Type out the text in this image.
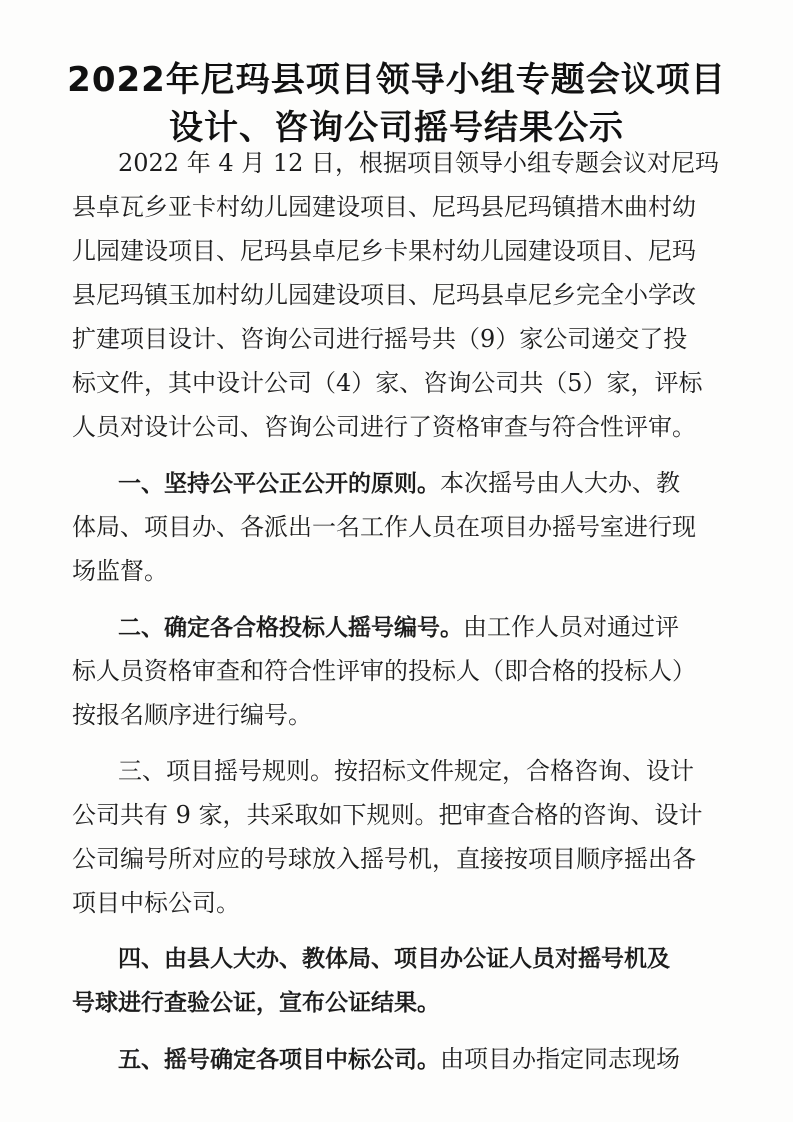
2022年尼玛县项目领导小组专题会议项目
设计、咨询公司摇号结果公示
2022 年 4 月 12 日，根据项目领导小组专题会议对尼玛
县卓瓦乡亚卡村幼儿园建设项目、尼玛县尼玛镇措木曲村幼
儿园建设项目、尼玛县卓尼乡卡果村幼儿园建设项目、尼玛
县尼玛镇玉加村幼儿园建设项目、尼玛县卓尼乡完全小学改
扩建项目设计、咨询公司进行摇号共（9）家公司递交了投
标文件，其中设计公司（4）家、咨询公司共（5）家，评标
人员对设计公司、咨询公司进行了资格审查与符合性评审。
一、坚持公平公正公开的原则。本次摇号由人大办、教
体局、项目办、各派出一名工作人员在项目办摇号室进行现
场监督。
二、确定各合格投标人摇号编号。由工作人员对通过评
标人员资格审查和符合性评审的投标人（即合格的投标人）
按报名顺序进行编号。
三、项目摇号规则。按招标文件规定，合格咨询、设计
公司共有 9 家，共采取如下规则。把审查合格的咨询、设计
公司编号所对应的号球放入摇号机，直接按项目顺序摇出各
项目中标公司。
四、由县人大办、教体局、项目办公证人员对摇号机及
号球进行查验公证，宣布公证结果。
五、摇号确定各项目中标公司。由项目办指定同志现场
